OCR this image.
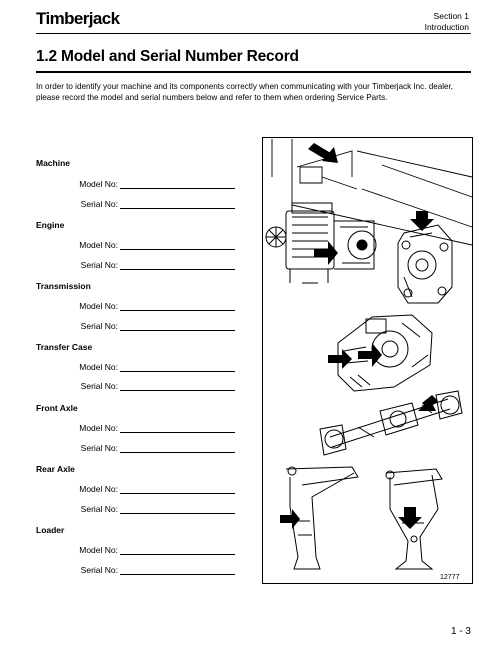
Timberjack	Section 1
Introduction
1.2 Model and Serial Number Record

In order to identify your machine and its components correctly when communicating with your Timberjack Inc. dealer, please record the model and serial numbers below and refer to them when ordering Service Parts.

Machine
Model No:
Serial No:
Engine
Model No:
Serial No:
Transmission
Model No:
Serial No:
Transfer Case
Model No:
Serial No:
Front Axle
Model No:
Serial No:
Rear Axle
Model No:
Serial No:
Loader
Model No:
Serial No:
12777
1 - 3
